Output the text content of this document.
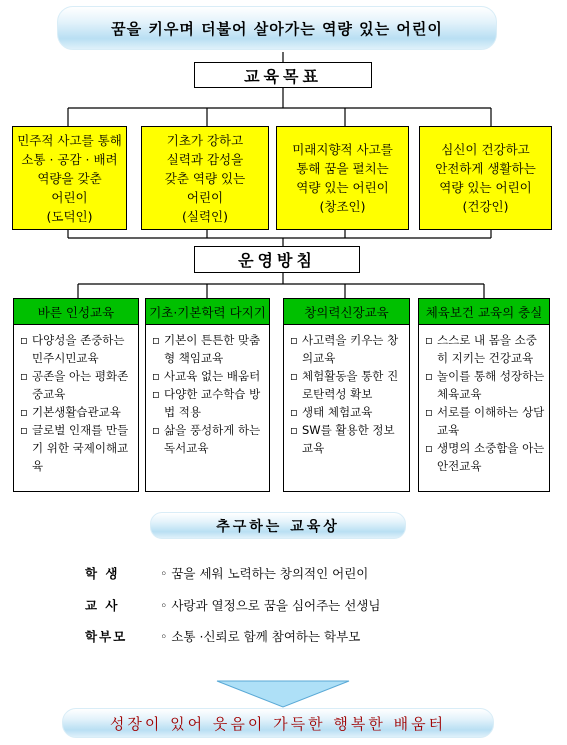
꿈을 키우며 더불어 살아가는 역량 있는 어린이
교육목표
민주적 사고를 통해
소통 · 공감 · 배려
역량을 갖춘
어린이
(도덕인)
기초가 강하고
실력과 감성을
갖춘 역량 있는
어린이
(실력인)
미래지향적 사고를
통해 꿈을 펼치는
역량 있는 어린이
(창조인)
심신이 건강하고
안전하게 생활하는
역량 있는 어린이
(건강인)
운영방침
바른 인성교육
▫ 다양성을 존중하는 민주시민교육
▫ 공존을 아는 평화존중교육
▫ 기본생활습관교육
▫ 글로벌 인재를 만들기 위한 국제이해교육
기초·기본학력 다지기
▫ 기본이 튼튼한 맞춤형 책임교육
▫ 사교육 없는 배움터
▫ 다양한 교수학습 방법 적용
▫ 삶을 풍성하게 하는 독서교육
창의력신장교육
▫ 사고력을 키우는 창의교육
▫ 체험활동을 통한 진로탄력성 확보
▫ 생태 체험교육
▫ SW를 활용한 정보교육
체육보건 교육의 충실
▫ 스스로 내 몸을 소중히 지키는 건강교육
▫ 놀이를 통해 성장하는 체육교육
▫ 서로를 이해하는 상담교육
▫ 생명의 소중함을 아는 안전교육
추구하는 교육상
학 생	◦ 꿈을 세워 노력하는 창의적인 어린이
교 사	◦ 사랑과 열정으로 꿈을 심어주는 선생님
학부모	◦ 소통 ·신뢰로 함께 참여하는 학부모
성장이 있어 웃음이 가득한 행복한 배움터
